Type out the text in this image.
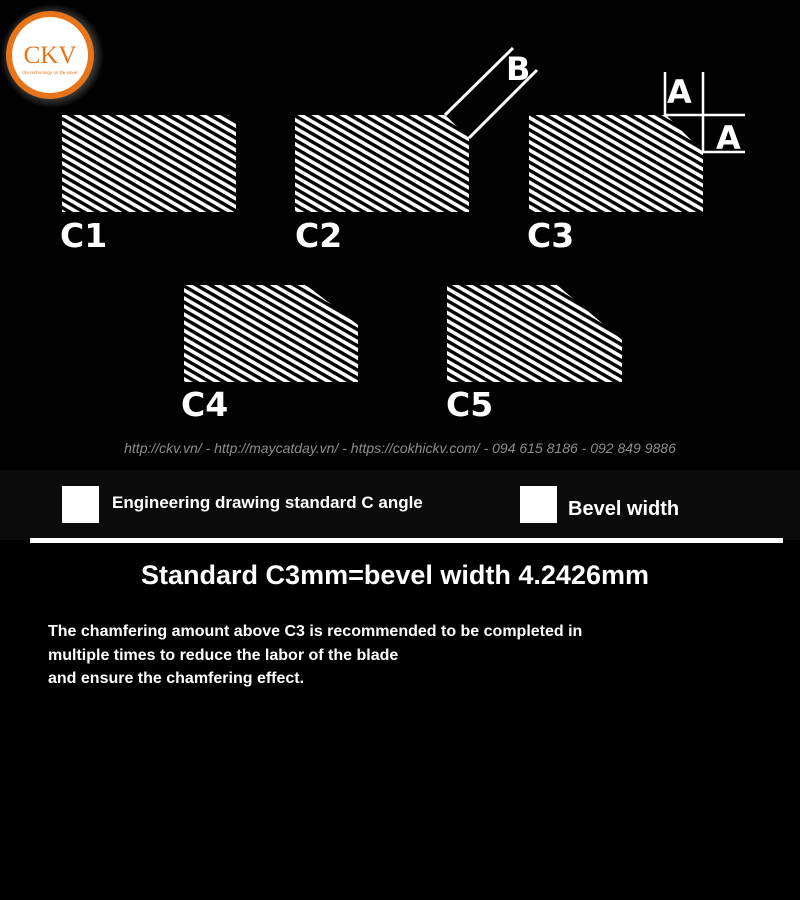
CKV
ckv technology on life-saver
C1
B
C2
A
A
C3
C4	C5
http://ckv.vn/ - http://maycatday.vn/ - https://cokhickv.com/ - 094 615 8186 - 092 849 9886
Engineering drawing standard C angle	Bevel width
Standard C3mm=bevel width 4.2426mm
The chamfering amount above C3 is recommended to be completed in
multiple times to reduce the labor of the blade
and ensure the chamfering effect.
